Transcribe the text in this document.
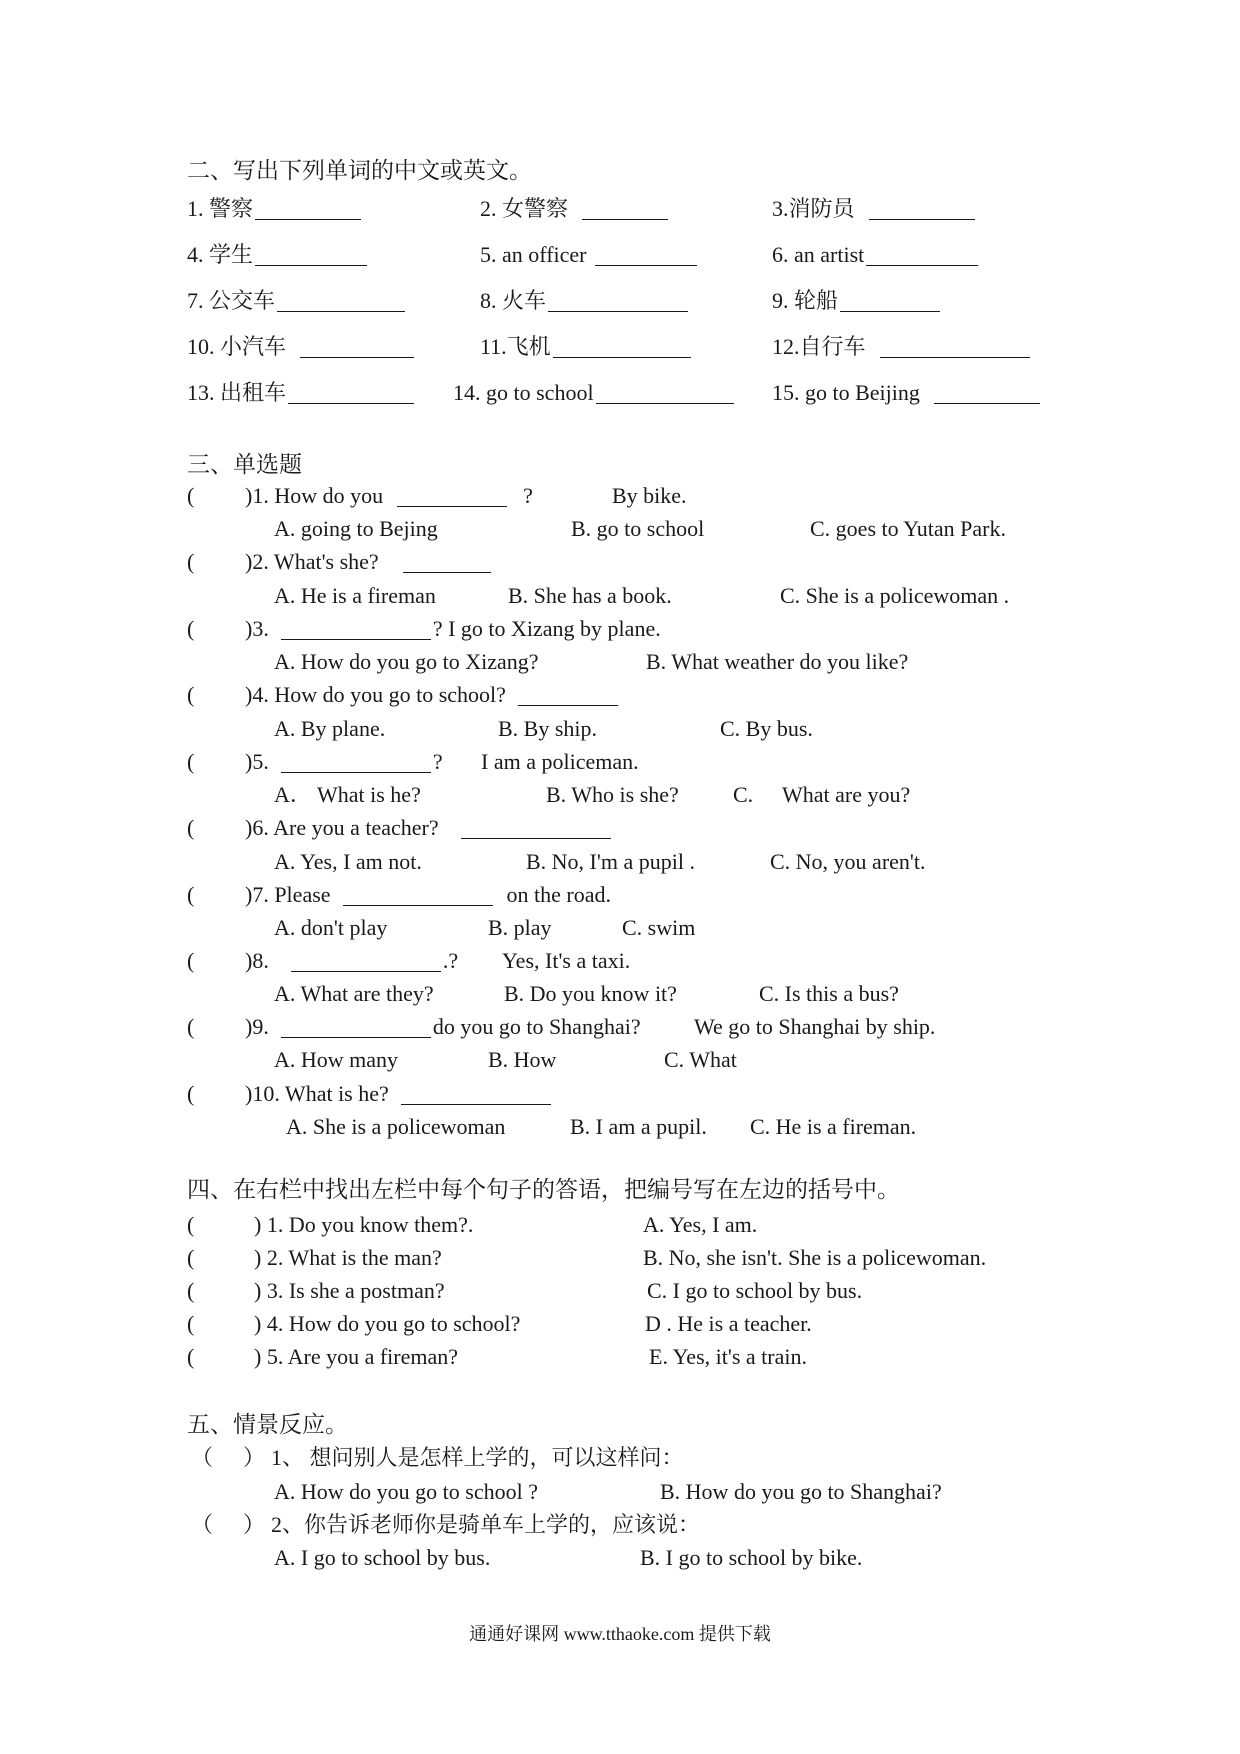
二、写出下列单词的中文或英文。
1. 警察	2. 女警察	3.消防员
4. 学生	5. an officer	6. an artist
7. 公交车	8. 火车	9. 轮船
10. 小汽车	11.飞机	12.自行车
13. 出租车	14. go to school	15. go to Beijing
三、单选题
( )1. How do you	?	By bike.
A. going to Bejing	B. go to school	C. goes to Yutan Park.
( )2. What's she?
A. He is a fireman	B. She has a book.	C. She is a policewoman .
( )3.	? I go to Xizang by plane.
A. How do you go to Xizang?	B. What weather do you like?
( )4. How do you go to school?
A. By plane.	B. By ship.	C. By bus.
( )5.	? I am a policeman.
A． What is he?	B. Who is she? C. What are you?
( )6. Are you a teacher?
A. Yes, I am not.	B. No, I'm a pupil .	C. No, you aren't.
( )7. Please	on the road.
A. don't play	B. play	C. swim
( )8.	.? Yes, It's a taxi.
A. What are they?	B. Do you know it?	C. Is this a bus?
( )9.	do you go to Shanghai? We go to Shanghai by ship.
A. How many	B. How	C. What
( )10. What is he?
A. She is a policewoman	B. I am a pupil. C. He is a fireman.
四、在右栏中找出左栏中每个句子的答语，把编号写在左边的括号中。
(	) 1. Do you know them?.	A. Yes, I am.
(	) 2. What is the man?	B. No, she isn't. She is a policewoman.
(	) 3. Is she a postman?	C. I go to school by bus.
(	) 4. How do you go to school?	D . He is a teacher.
(	) 5. Are you a fireman?	E. Yes, it's a train.
五、情景反应。
（ ） 1、 想问别人是怎样上学的，可以这样问：
A. How do you go to school ?	B. How do you go to Shanghai?
（ ） 2、你告诉老师你是骑单车上学的，应该说：
A. I go to school by bus.	B. I go to school by bike.
通通好课网 www.tthaoke.com 提供下载
